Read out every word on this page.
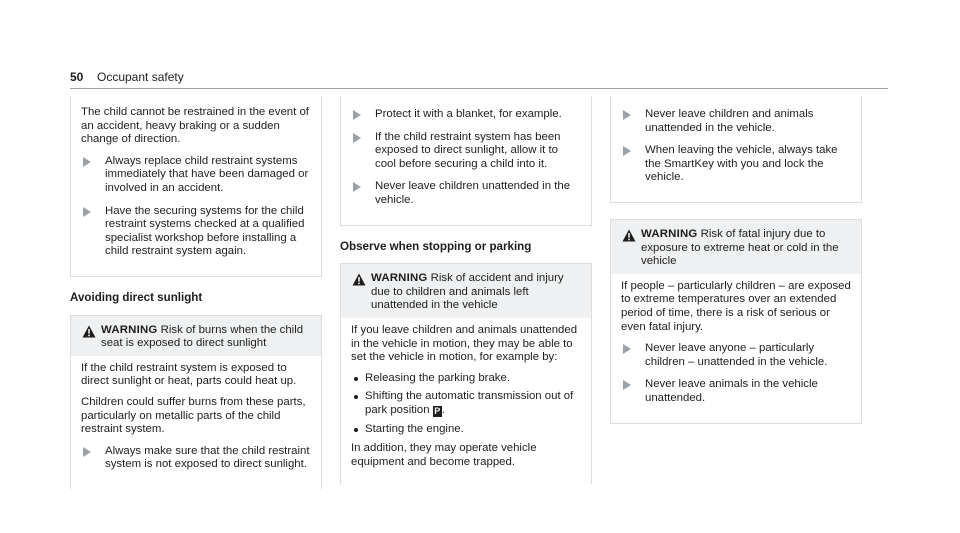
50 Occupant safety

The child cannot be restrained in the event of an accident, heavy braking or a sudden change of direction.

Always replace child restraint systems immediately that have been damaged or involved in an accident.
Have the securing systems for the child restraint systems checked at a qualified specialist workshop before installing a child restraint system again.
Avoiding direct sunlight
WARNING Risk of burns when the child seat is exposed to direct sunlight

If the child restraint system is exposed to direct sunlight or heat, parts could heat up.

Children could suffer burns from these parts, particularly on metallic parts of the child restraint system.

Always make sure that the child restraint system is not exposed to direct sunlight.
Protect it with a blanket, for example.
If the child restraint system has been exposed to direct sunlight, allow it to cool before securing a child into it.
Never leave children unattended in the vehicle.
Observe when stopping or parking
WARNING Risk of accident and injury due to children and animals left unattended in the vehicle

If you leave children and animals unattended in the vehicle in motion, they may be able to set the vehicle in motion, for example by:

Releasing the parking brake.
Shifting the automatic transmission out of park position P .
Starting the engine.

In addition, they may operate vehicle equipment and become trapped.

Never leave children and animals unattended in the vehicle.
When leaving the vehicle, always take the SmartKey with you and lock the vehicle.
WARNING Risk of fatal injury due to exposure to extreme heat or cold in the vehicle

If people – particularly children – are exposed to extreme temperatures over an extended period of time, there is a risk of serious or even fatal injury.

Never leave anyone – particularly children – unattended in the vehicle.
Never leave animals in the vehicle unattended.
